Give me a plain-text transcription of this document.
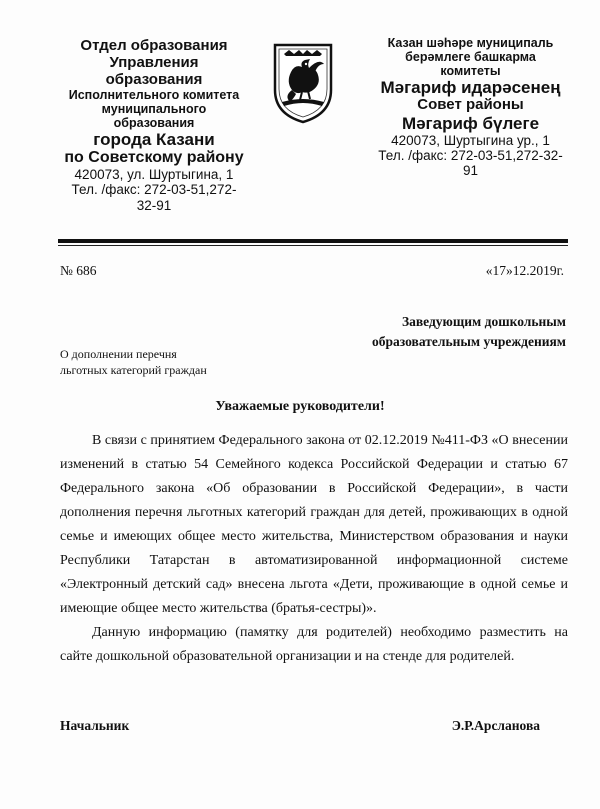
Отдел образования
Управления
образования
Исполнительного комитета
муниципального
образования
города Казани
по Советскому району
420073, ул. Шуртыгина, 1
Тел. /факс: 272-03-51,272-
32-91
Казан шәһәре муниципаль
берәмлеге башкарма
комитеты
Мәгариф идарәсенең
Совет районы
Мәгариф бүлеге
420073, Шуртыгина ур., 1
Тел. /факс: 272-03-51,272-32-
91
№ 686	«17»12.2019г.
Заведующим дошкольным
образовательным учреждениям
О дополнении перечня
льготных категорий граждан
Уважаемые руководители!

В связи с принятием Федерального закона от 02.12.2019 №411-ФЗ «О внесении изменений в статью 54 Семейного кодекса Российской Федерации и статью 67 Федерального закона «Об образовании в Российской Федерации», в части дополнения перечня льготных категорий граждан для детей, проживающих в одной семье и имеющих общее место жительства, Министерством образования и науки Республики Татарстан в автоматизированной информационной системе «Электронный детский сад» внесена льгота «Дети, проживающие в одной семье и имеющие общее место жительства (братья-сестры)».

Данную информацию (памятку для родителей) необходимо разместить на сайте дошкольной образовательной организации и на стенде для родителей.

Начальник	Э.Р.Арсланова
